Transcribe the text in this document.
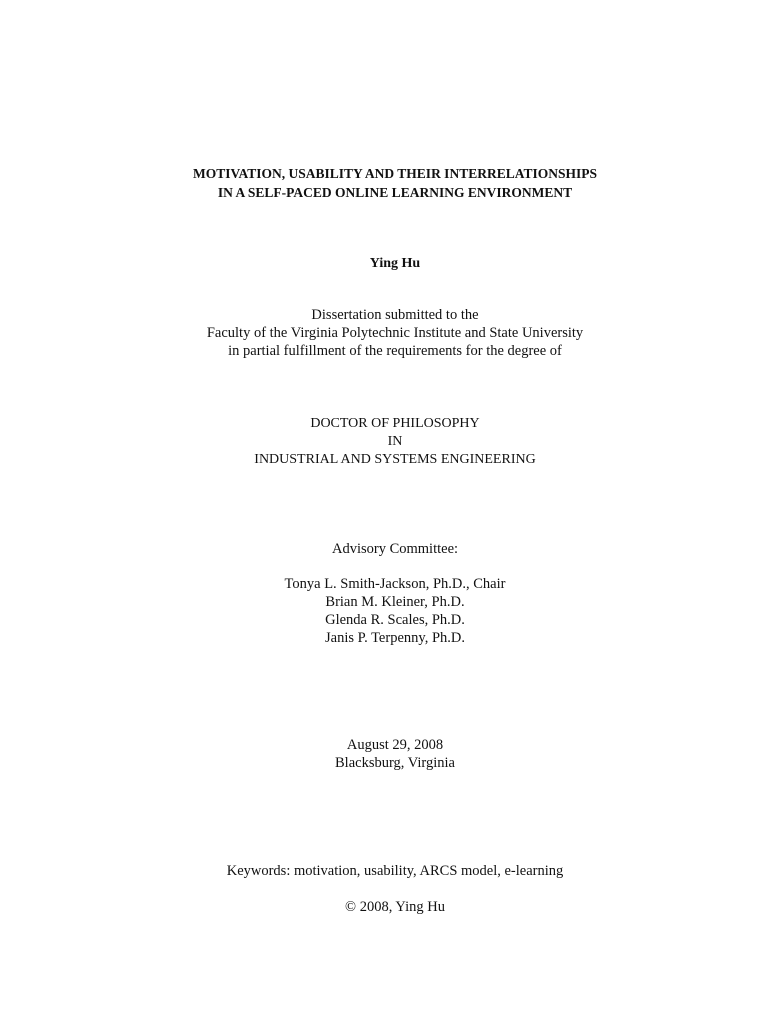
MOTIVATION, USABILITY AND THEIR INTERRELATIONSHIPS
IN A SELF-PACED ONLINE LEARNING ENVIRONMENT
Ying Hu
Dissertation submitted to the
Faculty of the Virginia Polytechnic Institute and State University
in partial fulfillment of the requirements for the degree of
DOCTOR OF PHILOSOPHY
IN
INDUSTRIAL AND SYSTEMS ENGINEERING
Advisory Committee:
Tonya L. Smith-Jackson, Ph.D., Chair
Brian M. Kleiner, Ph.D.
Glenda R. Scales, Ph.D.
Janis P. Terpenny, Ph.D.
August 29, 2008
Blacksburg, Virginia
Keywords: motivation, usability, ARCS model, e-learning
© 2008, Ying Hu
